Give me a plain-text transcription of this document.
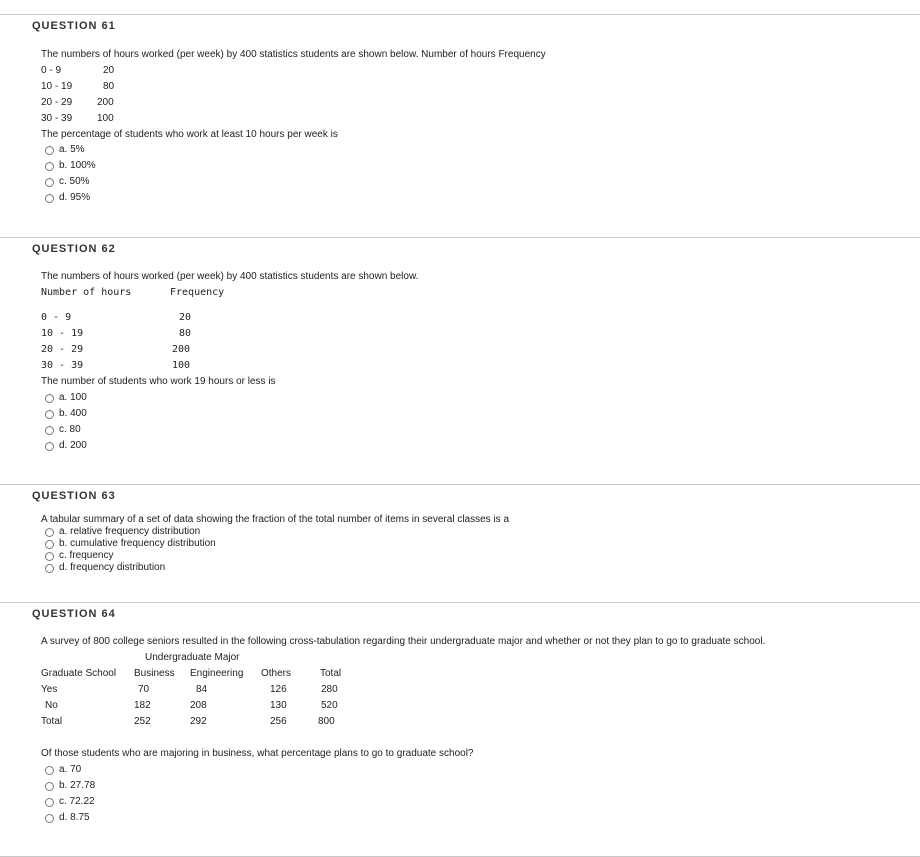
QUESTION 61
The numbers of hours worked (per week) by 400 statistics students are shown below. Number of hours Frequency
0 - 9	20
10 - 19	80
20 - 29 200
30 - 39 100
The percentage of students who work at least 10 hours per week is
a. 5%
b. 100%
c. 50%
d. 95%
QUESTION 62
The numbers of hours worked (per week) by 400 statistics students are shown below.
Number of hours	Frequency
0 - 9	20
10 - 19	80
20 - 29	200
30 - 39	100
The number of students who work 19 hours or less is
a. 100
b. 400
c. 80
d. 200
QUESTION 63
A tabular summary of a set of data showing the fraction of the total number of items in several classes is a
a. relative frequency distribution
b. cumulative frequency distribution
c. frequency
d. frequency distribution
QUESTION 64
A survey of 800 college seniors resulted in the following cross-tabulation regarding their undergraduate major and whether or not they plan to go to graduate school.
Undergraduate Major
Graduate School Business Engineering Others	Total
Yes	70	84	126	280
No	182	208	130	520
Total	252	292	256	800
Of those students who are majoring in business, what percentage plans to go to graduate school?
a. 70
b. 27.78
c. 72.22
d. 8.75
